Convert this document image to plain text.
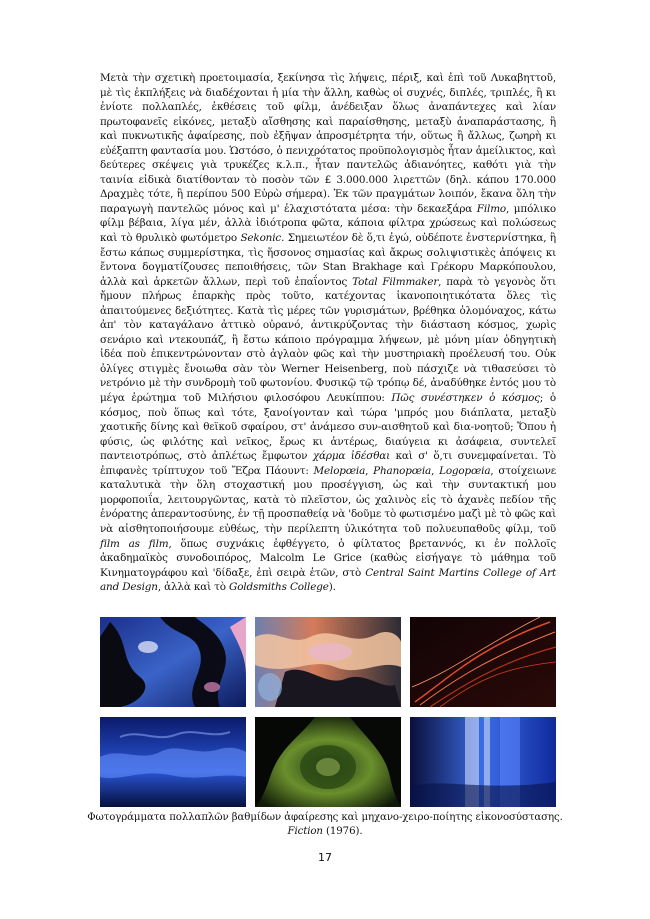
Μετὰ τὴν σχετικὴ προετοιμασία, ξεκίνησα τὶς λήψεις, πέριξ, καὶ ἐπὶ τοῦ Λυκαβηττοῦ, μὲ τὶς ἐκπλήξεις νὰ διαδέχονται ἡ μία τὴν ἄλλη, καθὼς οἱ συχνές, διπλές, τριπλές, ἢ κι ἐνίοτε πολλαπλές, ἐκθέσεις τοῦ φίλμ, ἀνέδειξαν ὅλως ἀναπάντεχες καὶ λίαν πρωτοφανεῖς εἰκόνες, μεταξὺ αἴσθησης καὶ παραίσθησης, μεταξὺ ἀναπαράστασης, ἢ καὶ πυκνωτικῆς ἀφαίρεσης, ποὺ ἐξῆψαν ἀπροσμέτρητα τήν, οὕτως ἢ ἄλλως, ζωηρὴ κι εὐέξαπτη φαντασία μου. Ὡστόσο, ὁ πενιχρότατος προϋπολογισμὸς ἦταν ἀμείλικτος, καὶ δεύτερες σκέψεις γιὰ τρυκέζες κ.λ.π., ἦταν παντελῶς ἀδιανόητες, καθότι γιὰ τὴν ταινία εἰδικὰ διατίθονταν τὸ ποσὸν τῶν £ 3.000.000 λιρεττῶν (δηλ. κάπου 170.000 Δραχμὲς τότε, ἢ περίπου 500 Εὐρὼ σήμερα). Ἐκ τῶν πραγμάτων λοιπόν, ἔκανα ὅλη τὴν παραγωγὴ παντελῶς μόνος καὶ μ' ἐλαχιστότατα μέσα: τὴν δεκαεξάρα Filmo, μπόλικο φίλμ βέβαια, λίγα μέν, ἀλλὰ ἰδιότροπα φῶτα, κάποια φίλτρα χρώσεως καὶ πολώσεως καὶ τὸ θρυλικὸ φωτόμετρο Sekonic. Σημειωτέον δὲ ὅ,τι ἐγώ, οὐδέποτε ἐνστερνίστηκα, ἢ ἔστω κάπως συμμερίστηκα, τὶς ἥσσονος σημασίας καὶ ἄκρως σολιψιστικὲς ἀπόψεις κι ἔντονα δογματίζουσες πεποιθήσεις, τῶν Stan Brakhage καὶ Γρέκορυ Μαρκόπουλου, ἀλλὰ καὶ ἀρκετῶν ἄλλων, περὶ τοῦ ἐπαΐοντος Total Filmmaker, παρὰ τὸ γεγονὸς ὅτι ἤμουν πλήρως ἐπαρκὴς πρὸς τοῦτο, κατέχοντας ἱκανοποιητικότατα ὅλες τὶς ἀπαιτούμενες δεξιότητες. Κατὰ τὶς μέρες τῶν γυρισμάτων, βρέθηκα ὁλομόναχος, κάτω ἀπ' τὸν καταγάλανο ἀττικὸ οὐρανό, ἀντικρύζοντας τὴν διάσταση κόσμος, χωρὶς σενάριο καὶ ντεκουπάζ, ἢ ἔστω κάποιο πρόγραμμα λήψεων, μὲ μόνη μίαν ὁδηγητικὴ ἰδέα ποὺ ἐπικεντρώνονταν στὸ ἀγλαὸν φῶς καὶ τὴν μυστηριακὴ προέλευσή του. Οὐκ ὀλίγες στιγμὲς ἔνοιωθα σὰν τὸν Werner Heisenberg, ποὺ πάσχιζε νὰ τιθασεύσει τὸ νετρόνιο μὲ τὴν συνδρομὴ τοῦ φωτονίου. Φυσικῷ τῷ τρόπῳ δέ, ἀναδύθηκε ἐντός μου τὸ μέγα ἐρώτημα τοῦ Μιλήσιου φιλοσόφου Λευκίππου: Πῶς συνέστηκεν ὁ κόσμος; ὁ κόσμος, ποὺ ὅπως καὶ τότε, ξανοίγονταν καὶ τώρα 'μπρός μου διάπλατα, μεταξὺ χαοτικῆς δίνης καὶ θεϊκοῦ σφαίρου, στ' ἀνάμεσο συν-αισθητοῦ καὶ δια-νοητοῦ; Ὅπου ἡ φύσις, ὡς φιλότης καὶ νεῖκος, ἔρως κι ἀντέρως, διαύγεια κι ἀσάφεια, συντελεῖ παντειοτρόπως, στὸ ἀπλέτως ἔμφωτον χάρμα ἰδέσθαι καὶ σ' ὅ,τι συνεμφαίνεται. Τὸ ἐπιφανὲς τρίπτυχον τοῦ Ἔζρα Πάουντ: Melopœia, Phanopœia, Logopœia, στοίχειωνε καταλυτικὰ τὴν ὅλη στοχαστική μου προσέγγιση, ὡς καὶ τὴν συντακτική μου μορφοποιΐα, λειτουργῶντας, κατὰ τὸ πλεῖστον, ὡς χαλινὸς εἰς τὸ ἀχανὲς πεδίον τῆς ἐνόρατης ἀπεραντοσύνης, ἐν τῇ προσπαθείᾳ νὰ 'δοῦμε τὸ φωτισμένο μαζὶ μὲ τὸ φῶς καὶ νὰ αἰσθητοποιήσουμε εὐθέως, τὴν περίλεπτη ὑλικότητα τοῦ πολυευπαθοῦς φίλμ, τοῦ film as film, ὅπως συχνάκις ἐφθέγγετο, ὁ φίλτατος βρεταννός, κι ἐν πολλοῖς ἀκαδημαϊκὸς συνοδοιπόρος, Malcolm Le Grice (καθὼς εἰσήγαγε τὸ μάθημα τοῦ Κινηματογράφου καὶ 'δίδαξε, ἐπὶ σειρὰ ἐτῶν, στὸ Central Saint Martins College of Art and Design, ἀλλὰ καὶ τὸ Goldsmiths College).

Φωτογράμματα πολλαπλῶν βαθμίδων ἀφαίρεσης καὶ μηχανο-χειρο-ποίητης εἰκονοσύστασης.
Fiction (1976).
17
